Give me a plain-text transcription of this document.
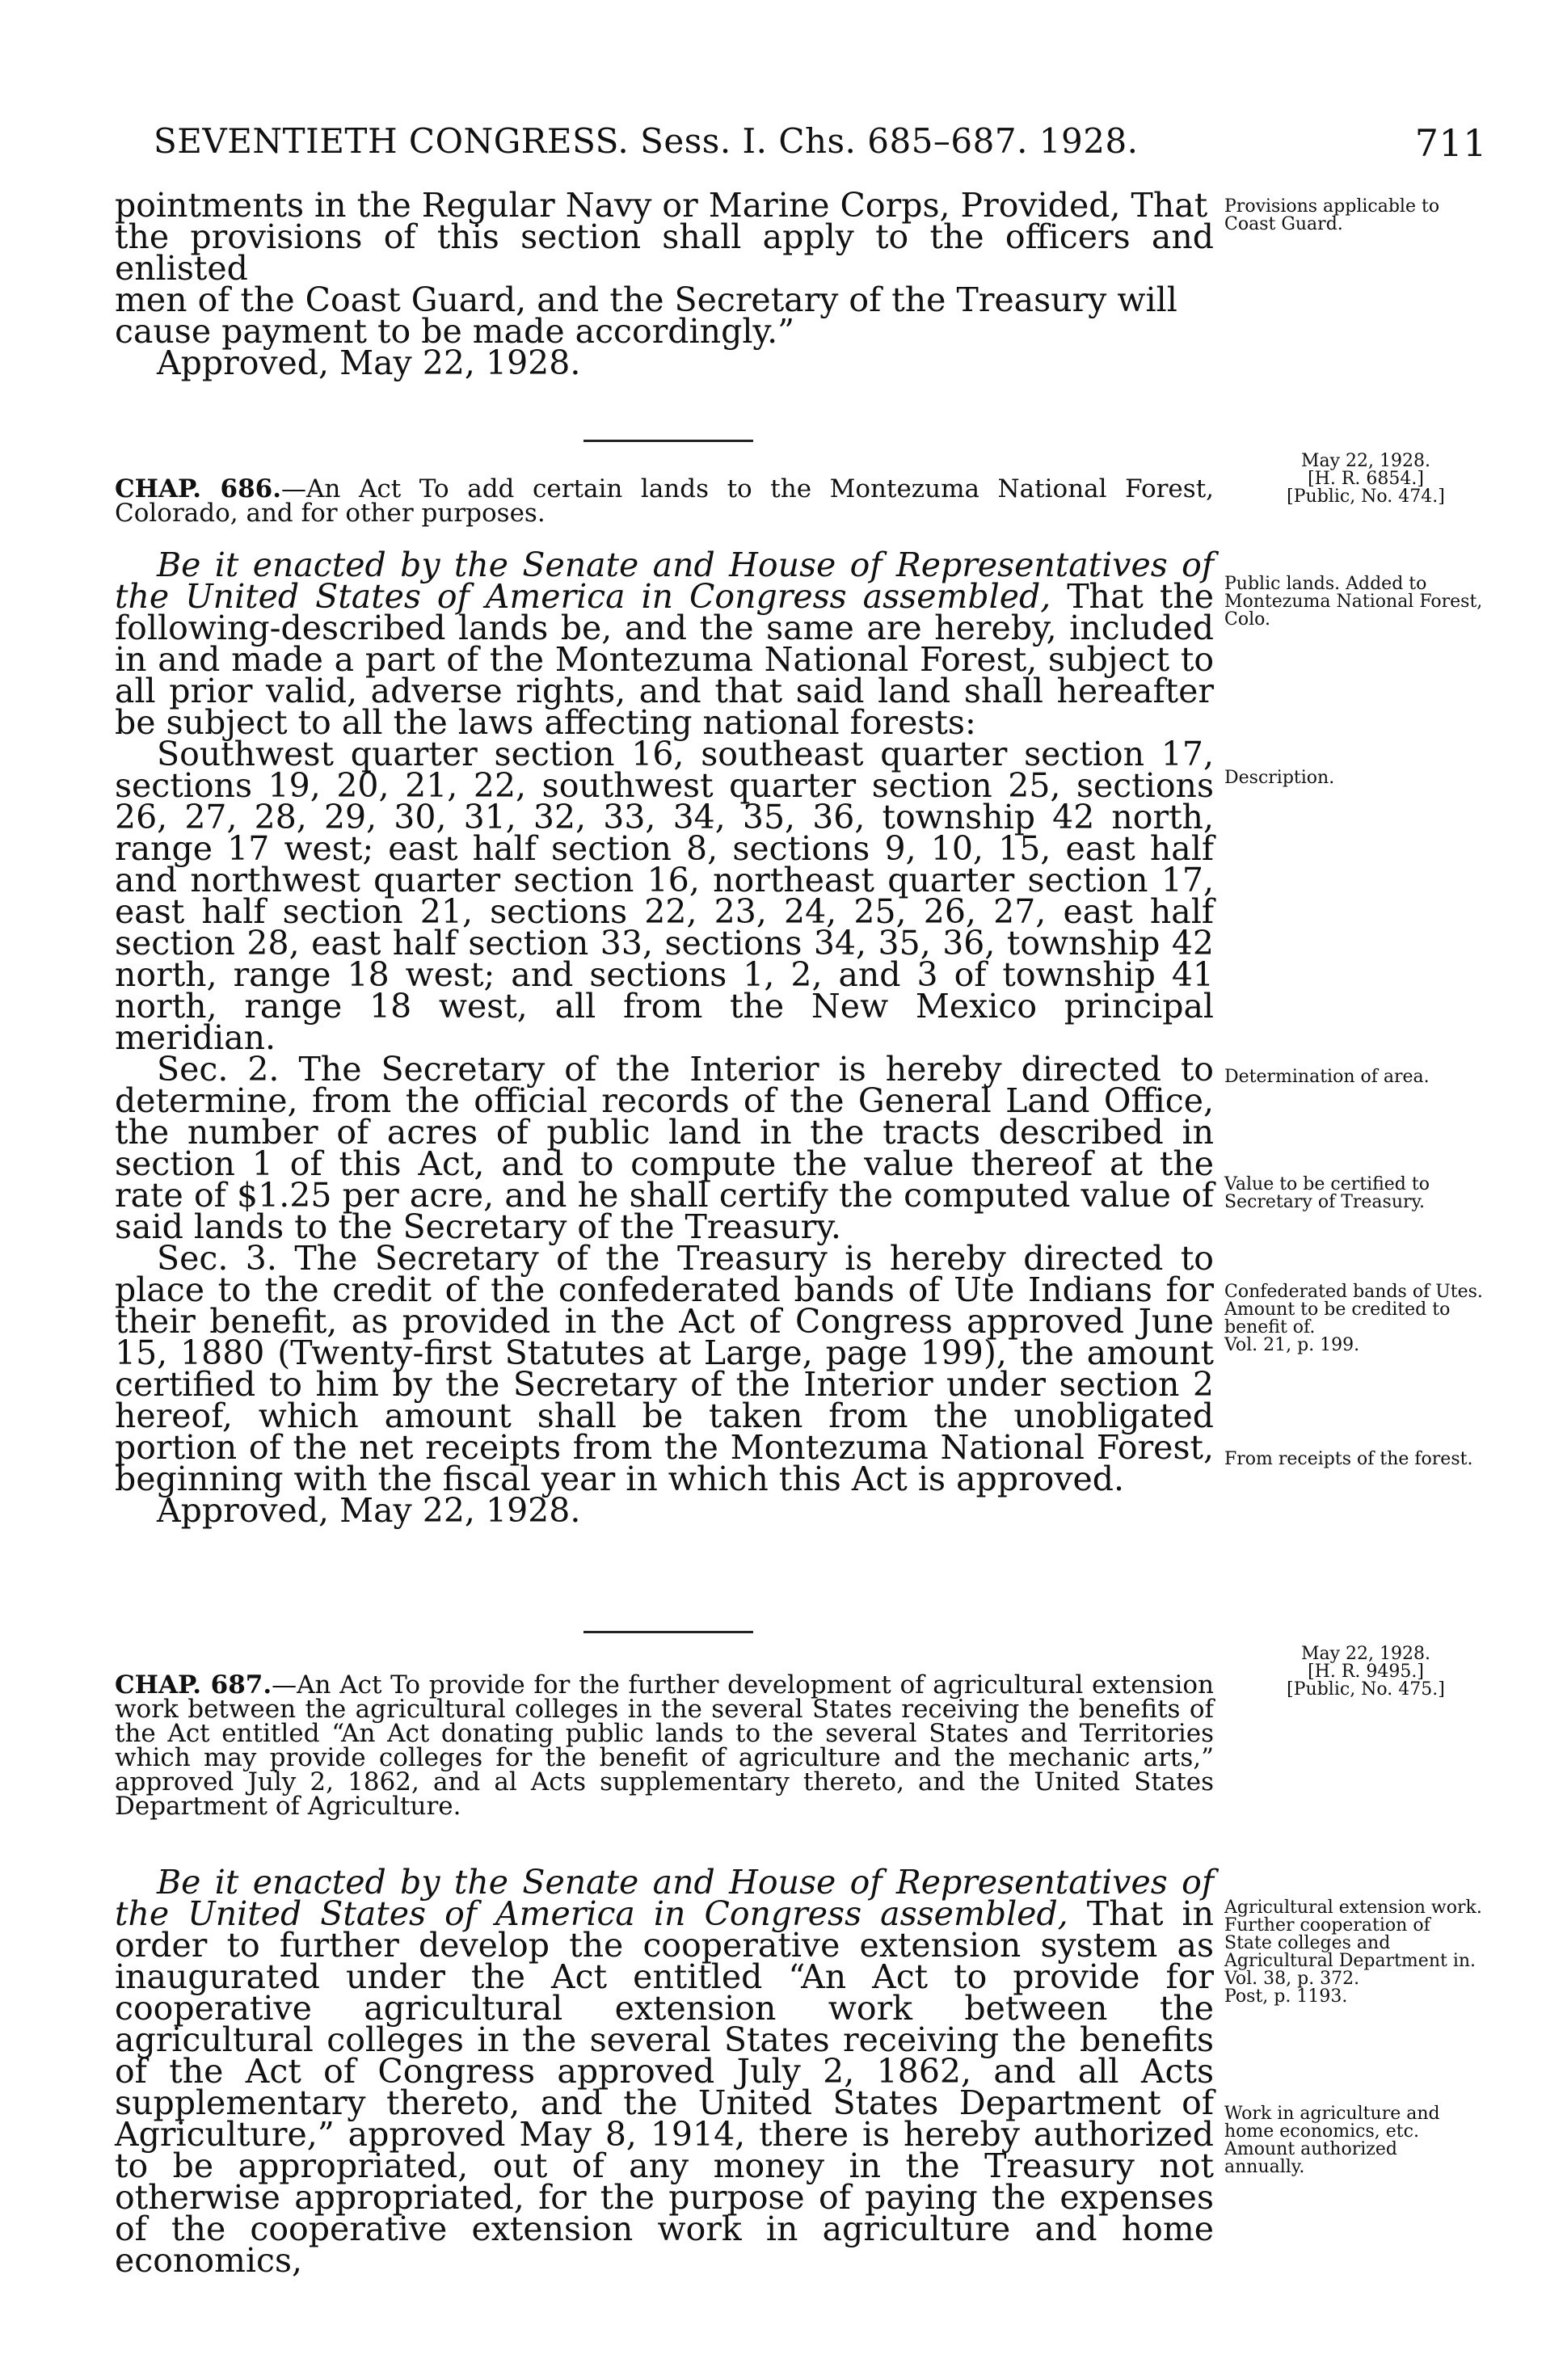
SEVENTIETH CONGRESS. Sess. I. Chs. 685–687. 1928.	711

pointments in the Regular Navy or Marine Corps, Provided, That

the provisions of this section shall apply to the officers and enlisted

men of the Coast Guard, and the Secretary of the Treasury will

cause payment to be made accordingly.”

Approved, May 22, 1928.

Provisions applicable to Coast Guard.

May 22, 1928.
[H. R. 6854.]
[Public, No. 474.]

CHAP. 686.—An Act To add certain lands to the Montezuma National Forest, Colorado, and for other purposes.

Be it enacted by the Senate and House of Representatives of the United States of America in Congress assembled, That the following-described lands be, and the same are hereby, included in and made a part of the Montezuma National Forest, subject to all prior valid, adverse rights, and that said land shall hereafter be subject to all the laws affecting national forests:

Southwest quarter section 16, southeast quarter section 17, sections 19, 20, 21, 22, southwest quarter section 25, sections 26, 27, 28, 29, 30, 31, 32, 33, 34, 35, 36, township 42 north, range 17 west; east half section 8, sections 9, 10, 15, east half and northwest quarter section 16, northeast quarter section 17, east half section 21, sections 22, 23, 24, 25, 26, 27, east half section 28, east half section 33, sections 34, 35, 36, township 42 north, range 18 west; and sections 1, 2, and 3 of township 41 north, range 18 west, all from the New Mexico principal meridian.

Sec. 2. The Secretary of the Interior is hereby directed to determine, from the official records of the General Land Office, the number of acres of public land in the tracts described in section 1 of this Act, and to compute the value thereof at the rate of $1.25 per acre, and he shall certify the computed value of said lands to the Secretary of the Treasury.

Sec. 3. The Secretary of the Treasury is hereby directed to place to the credit of the confederated bands of Ute Indians for their benefit, as provided in the Act of Congress approved June 15, 1880 (Twenty-first Statutes at Large, page 199), the amount certified to him by the Secretary of the Interior under section 2 hereof, which amount shall be taken from the unobligated portion of the net receipts from the Montezuma National Forest, beginning with the fiscal year in which this Act is approved.

Approved, May 22, 1928.

Public lands. Added to Montezuma National Forest, Colo.

Description.

Determination of area.

Value to be certified to Secretary of Treasury.

Confederated bands of Utes.

Amount to be credited to benefit of.

Vol. 21, p. 199.

From receipts of the forest.

May 22, 1928.
[H. R. 9495.]
[Public, No. 475.]

CHAP. 687.—An Act To provide for the further development of agricultural extension work between the agricultural colleges in the several States receiving the benefits of the Act entitled “An Act donating public lands to the several States and Territories which may provide colleges for the benefit of agriculture and the mechanic arts,” approved July 2, 1862, and al Acts supplementary thereto, and the United States Department of Agriculture.

Be it enacted by the Senate and House of Representatives of the United States of America in Congress assembled, That in order to further develop the cooperative extension system as inaugurated under the Act entitled “An Act to provide for cooperative agricultural extension work between the agricultural colleges in the several States receiving the benefits of the Act of Congress approved July 2, 1862, and all Acts supplementary thereto, and the United States Department of Agriculture,” approved May 8, 1914, there is hereby authorized to be appropriated, out of any money in the Treasury not otherwise appropriated, for the purpose of paying the expenses of the cooperative extension work in agriculture and home economics,

Agricultural extension work.

Further cooperation of State colleges and Agricultural Department in.

Vol. 38, p. 372.

Post, p. 1193.

Work in agriculture and home economics, etc.

Amount authorized annually.
